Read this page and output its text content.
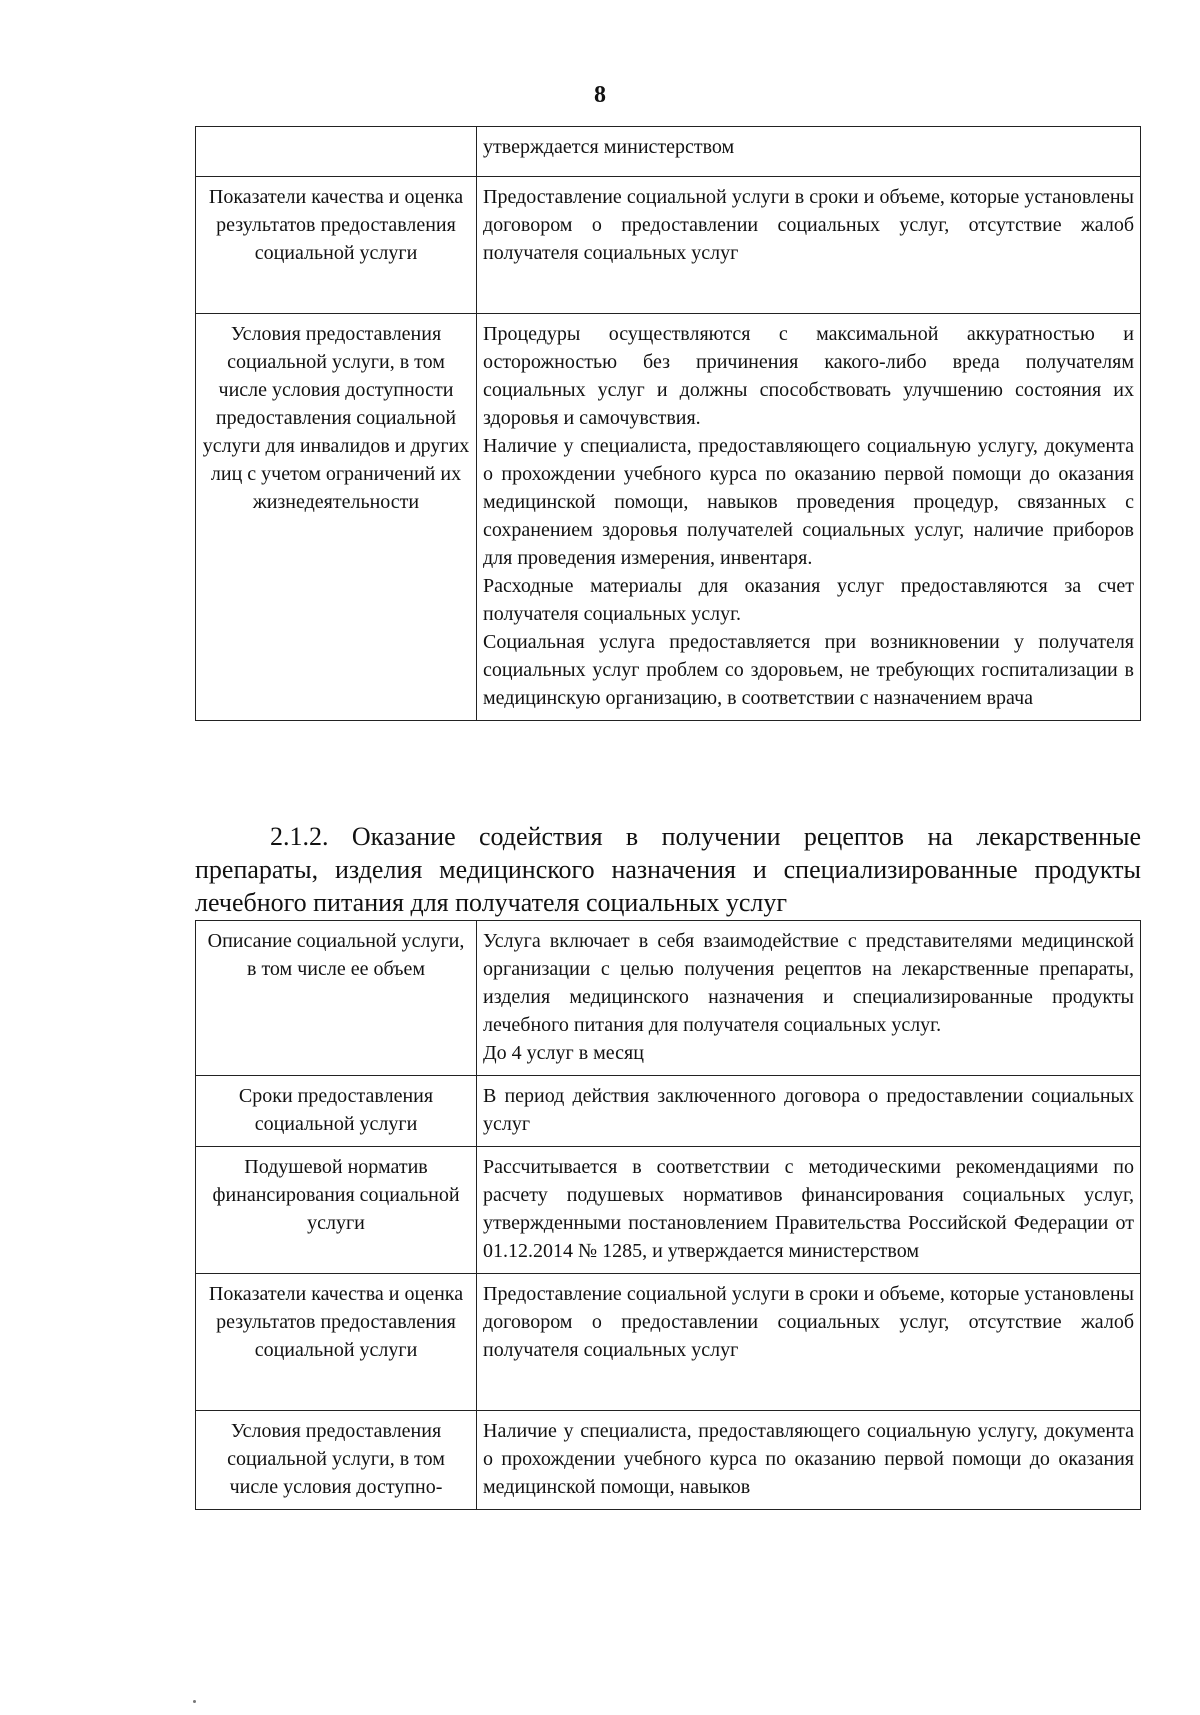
8

	утверждается министерством

Показатели качества и оценка результатов предоставления социальной услуги	Предоставление социальной услуги в сроки и объеме, которые установлены договором о предоставлении социальных услуг, отсутствие жалоб получателя социальных услуг

Условия предоставления социальной услуги, в том числе условия доступности предоставления социальной услуги для инвалидов и других лиц с учетом ограничений их жизнедеятельности	Процедуры осуществляются с максимальной аккуратностью и осторожностью без причинения какого-либо вреда получателям социальных услуг и должны способствовать улучшению состояния их здоровья и самочувствия.
Наличие у специалиста, предоставляющего социальную услугу, документа о прохождении учебного курса по оказанию первой помощи до оказания медицинской помощи, навыков проведения процедур, связанных с сохранением здоровья получателей социальных услуг, наличие приборов для проведения измерения, инвентаря.
Расходные материалы для оказания услуг предоставляются за счет получателя социальных услуг.
Социальная услуга предоставляется при возникновении у получателя социальных услуг проблем со здоровьем, не требующих госпитализации в медицинскую организацию, в соответствии с назначением врача
2.1.2. Оказание содействия в получении рецептов на лекарственные препараты, изделия медицинского назначения и специализированные продукты лечебного питания для получателя социальных услуг
Описание социальной услуги, в том числе ее объем	Услуга включает в себя взаимодействие с представителями медицинской организации с целью получения рецептов на лекарственные препараты, изделия медицинского назначения и специализированные продукты лечебного питания для получателя социальных услуг.
До 4 услуг в месяц

Сроки предоставления социальной услуги	В период действия заключенного договора о предоставлении социальных услуг

Подушевой норматив финансирования социальной услуги	Рассчитывается в соответствии с методическими рекомендациями по расчету подушевых нормативов финансирования социальных услуг, утвержденными постановлением Правительства Российской Федерации от 01.12.2014 № 1285, и утверждается министерством

Показатели качества и оценка результатов предоставления социальной услуги	Предоставление социальной услуги в сроки и объеме, которые установлены договором о предоставлении социальных услуг, отсутствие жалоб получателя социальных услуг

Условия предоставления социальной услуги, в том числе условия доступно-	Наличие у специалиста, предоставляющего социальную услугу, документа о прохождении учебного курса по оказанию первой помощи до оказания медицинской помощи, навыков
